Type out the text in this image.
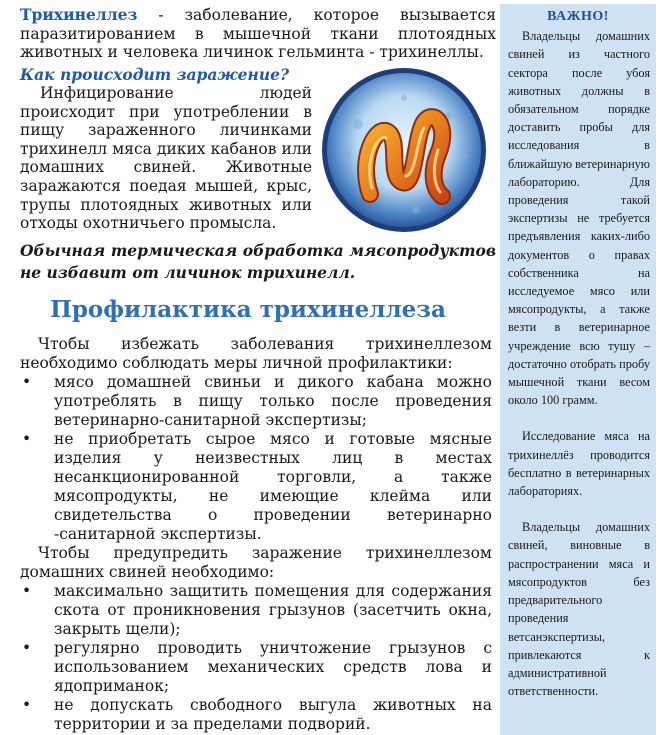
Трихинеллез - заболевание, которое вызывается паразитированием в мышечной ткани плотоядных животных и человека личинок гельминта - трихинеллы.
Как происходит заражение?
Инфицирование людей происходит при употреблении в пищу зараженного личинками трихинелл мяса диких кабанов или домашних свиней. Животные заражаются поедая мышей, крыс, трупы плотоядных животных или отходы охотничьего промысла.
Обычная термическая обработка мясопродуктов не избавит от личинок трихинелл.
Профилактика трихинеллеза

Чтобы избежать заболевания трихинеллезом необходимо соблюдать меры личной профилактики:

• мясо домашней свиньи и дикого кабана можно употреблять в пищу только после проведения ветеринарно-санитарной экспертизы;
• не приобретать сырое мясо и готовые мясные изделия у неизвестных лиц в местах несанкционированной торговли, а также мясопродукты, не имеющие клейма или свидетельства о проведении ветеринарно -санитарной экспертизы.

Чтобы предупредить заражение трихинеллезом домашних свиней необходимо:

• максимально защитить помещения для содержания скота от проникновения грызунов (засетчить окна, закрыть щели);
• регулярно проводить уничтожение грызунов с использованием механических средств лова и ядоприманок;
• не допускать свободного выгула животных на территории и за пределами подворий.
ВАЖНО!

Владельцы домашних свиней из частного сектора после убоя животных должны в обязательном порядке доставить пробы для исследования в ближайшую ветеринарную лабораторию. Для проведения такой экспертизы не требуется предъявления каких-либо документов о правах собственника на исследуемое мясо или мясопродукты, а также везти в ветеринарное учреждение всю тушу – достаточно отобрать пробу мышечной ткани весом около 100 грамм.

Исследование мяса на трихинеллёз проводится бесплатно в ветеринарных лабораториях.

Владельцы домашних свиней, виновные в распространении мяса и мясопродуктов без предварительного проведения ветсанэкспертизы, привлекаются к административной ответственности.
